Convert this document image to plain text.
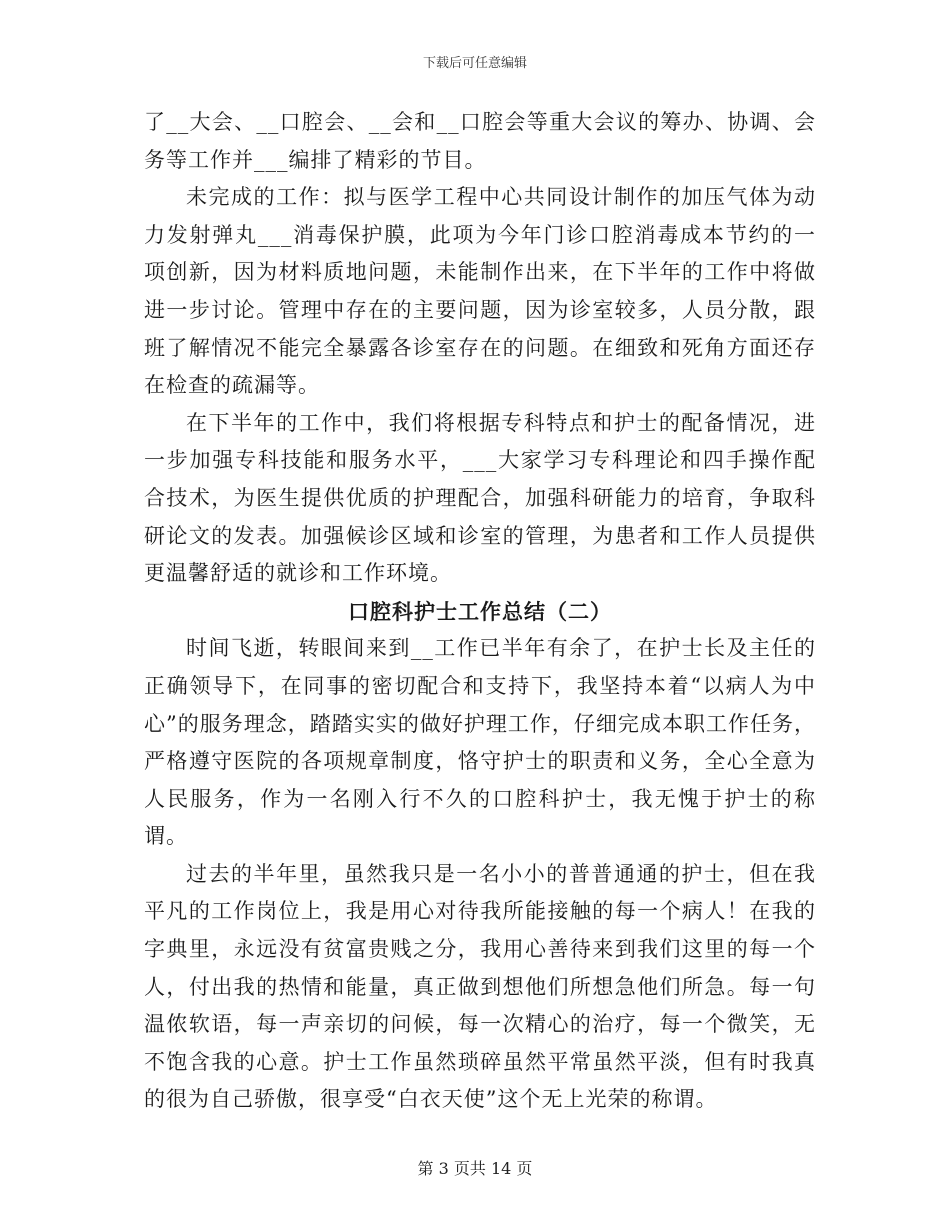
下载后可任意编辑

了__大会、__口腔会、__会和__口腔会等重大会议的筹办、协调、会务等工作并___编排了精彩的节目。

未完成的工作：拟与医学工程中心共同设计制作的加压气体为动力发射弹丸___消毒保护膜，此项为今年门诊口腔消毒成本节约的一项创新，因为材料质地问题，未能制作出来，在下半年的工作中将做进一步讨论。管理中存在的主要问题，因为诊室较多，人员分散，跟班了解情况不能完全暴露各诊室存在的问题。在细致和死角方面还存在检查的疏漏等。

在下半年的工作中，我们将根据专科特点和护士的配备情况，进一步加强专科技能和服务水平，___大家学习专科理论和四手操作配合技术，为医生提供优质的护理配合，加强科研能力的培育，争取科研论文的发表。加强候诊区域和诊室的管理，为患者和工作人员提供更温馨舒适的就诊和工作环境。

口腔科护士工作总结（二）

时间飞逝，转眼间来到__工作已半年有余了，在护士长及主任的正确领导下，在同事的密切配合和支持下，我坚持本着“以病人为中心”的服务理念，踏踏实实的做好护理工作，仔细完成本职工作任务，严格遵守医院的各项规章制度，恪守护士的职责和义务，全心全意为人民服务，作为一名刚入行不久的口腔科护士，我无愧于护士的称谓。

过去的半年里，虽然我只是一名小小的普普通通的护士，但在我平凡的工作岗位上，我是用心对待我所能接触的每一个病人！在我的字典里，永远没有贫富贵贱之分，我用心善待来到我们这里的每一个人，付出我的热情和能量，真正做到想他们所想急他们所急。每一句温侬软语，每一声亲切的问候，每一次精心的治疗，每一个微笑，无不饱含我的心意。护士工作虽然琐碎虽然平常虽然平淡，但有时我真的很为自己骄傲，很享受“白衣天使”这个无上光荣的称谓。

第 3 页共 14 页
